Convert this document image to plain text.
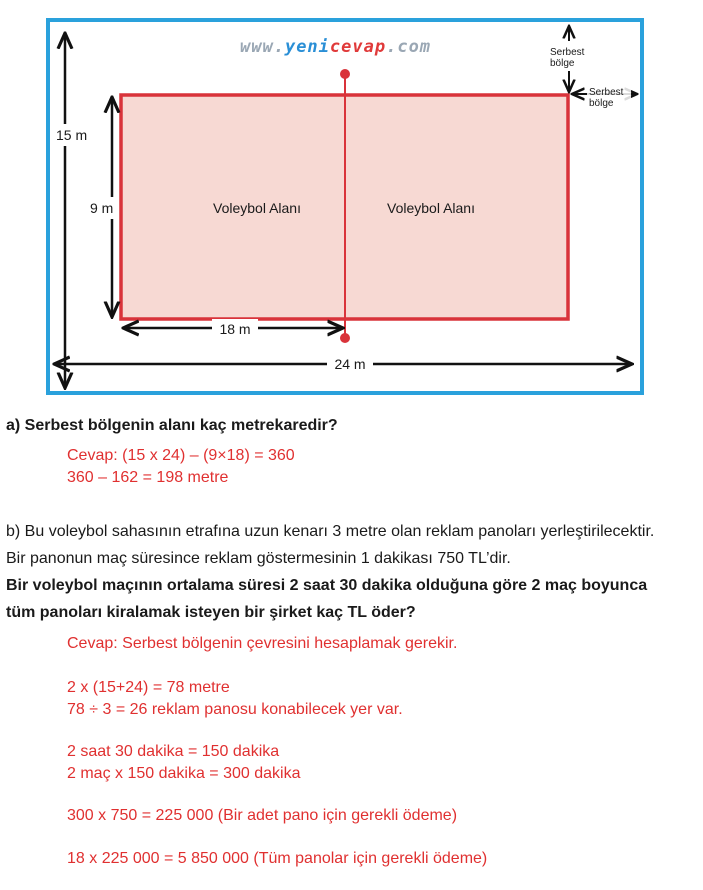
www.yenicevap.com
Voleybol Alanı	Voleybol Alanı
15 m
9 m
18 m
24 m
Serbest
bölge
Serbest
bölge
a) Serbest bölgenin alanı kaç metrekaredir?
Cevap: (15 x 24) – (9×18) = 360
360 – 162 = 198 metre
b) Bu voleybol sahasının etrafına uzun kenarı 3 metre olan reklam panoları yerleştirilecektir.
Bir panonun maç süresince reklam göstermesinin 1 dakikası 750 TL’dir.
Bir voleybol maçının ortalama süresi 2 saat 30 dakika olduğuna göre 2 maç boyunca
tüm panoları kiralamak isteyen bir şirket kaç TL öder?
Cevap: Serbest bölgenin çevresini hesaplamak gerekir.
2 x (15+24) = 78 metre
78 ÷ 3 = 26 reklam panosu konabilecek yer var.
2 saat 30 dakika = 150 dakika
2 maç x 150 dakika = 300 dakika
300 x 750 = 225 000 (Bir adet pano için gerekli ödeme)
18 x 225 000 = 5 850 000 (Tüm panolar için gerekli ödeme)
